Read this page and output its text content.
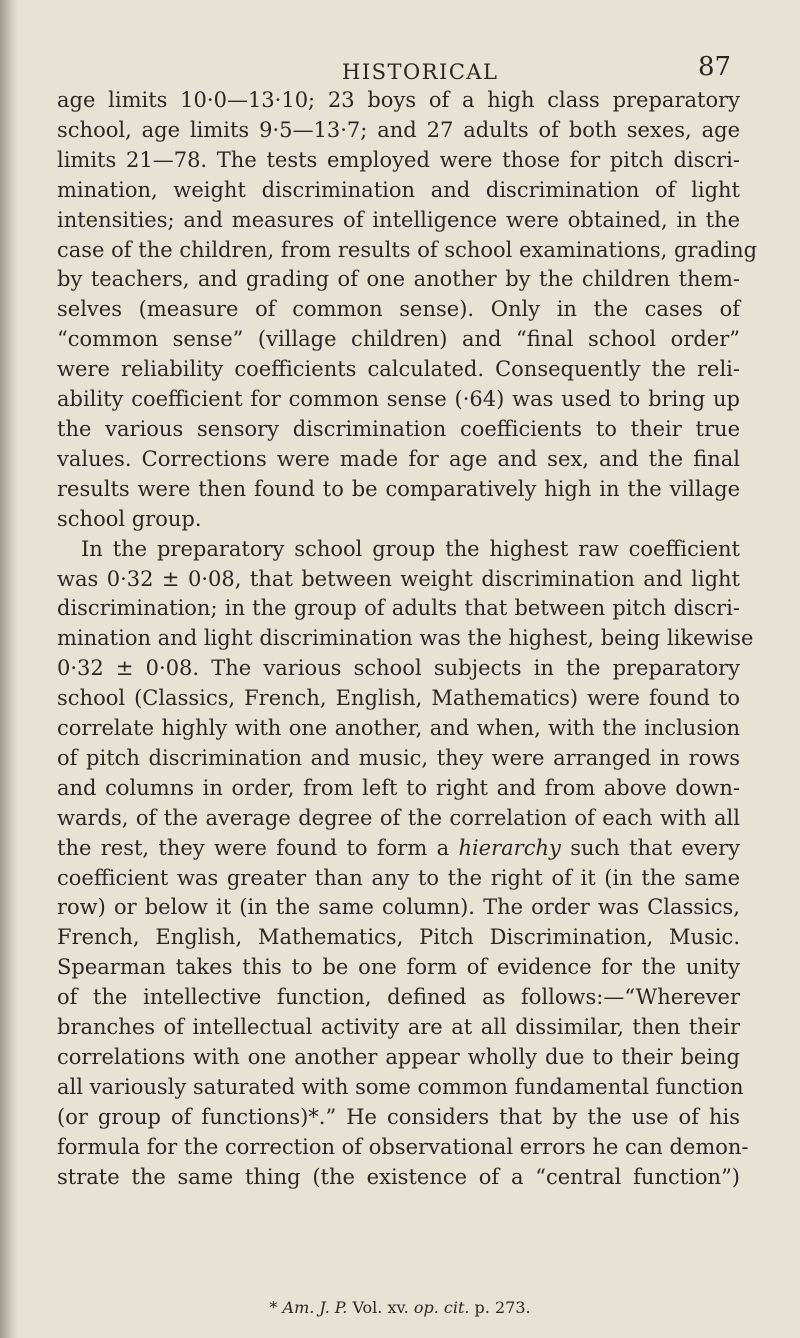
HISTORICAL	87
age limits 10·0—13·10; 23 boys of a high class preparatory
school, age limits 9·5—13·7; and 27 adults of both sexes, age
limits 21—78. The tests employed were those for pitch discri-
mination, weight discrimination and discrimination of light
intensities; and measures of intelligence were obtained, in the
case of the children, from results of school examinations, grading
by teachers, and grading of one another by the children them-
selves (measure of common sense). Only in the cases of
“common sense” (village children) and “final school order”
were reliability coefficients calculated. Consequently the reli-
ability coefficient for common sense (·64) was used to bring up
the various sensory discrimination coefficients to their true
values. Corrections were made for age and sex, and the final
results were then found to be comparatively high in the village
school group.
In the preparatory school group the highest raw coefficient
was 0·32 ± 0·08, that between weight discrimination and light
discrimination; in the group of adults that between pitch discri-
mination and light discrimination was the highest, being likewise
0·32 ± 0·08. The various school subjects in the preparatory
school (Classics, French, English, Mathematics) were found to
correlate highly with one another, and when, with the inclusion
of pitch discrimination and music, they were arranged in rows
and columns in order, from left to right and from above down-
wards, of the average degree of the correlation of each with all
the rest, they were found to form a hierarchy such that every
coefficient was greater than any to the right of it (in the same
row) or below it (in the same column). The order was Classics,
French, English, Mathematics, Pitch Discrimination, Music.
Spearman takes this to be one form of evidence for the unity
of the intellective function, defined as follows:—“Wherever
branches of intellectual activity are at all dissimilar, then their
correlations with one another appear wholly due to their being
all variously saturated with some common fundamental function
(or group of functions)*.” He considers that by the use of his
formula for the correction of observational errors he can demon-
strate the same thing (the existence of a “central function”)
* Am. J. P. Vol. xv. op. cit. p. 273.
